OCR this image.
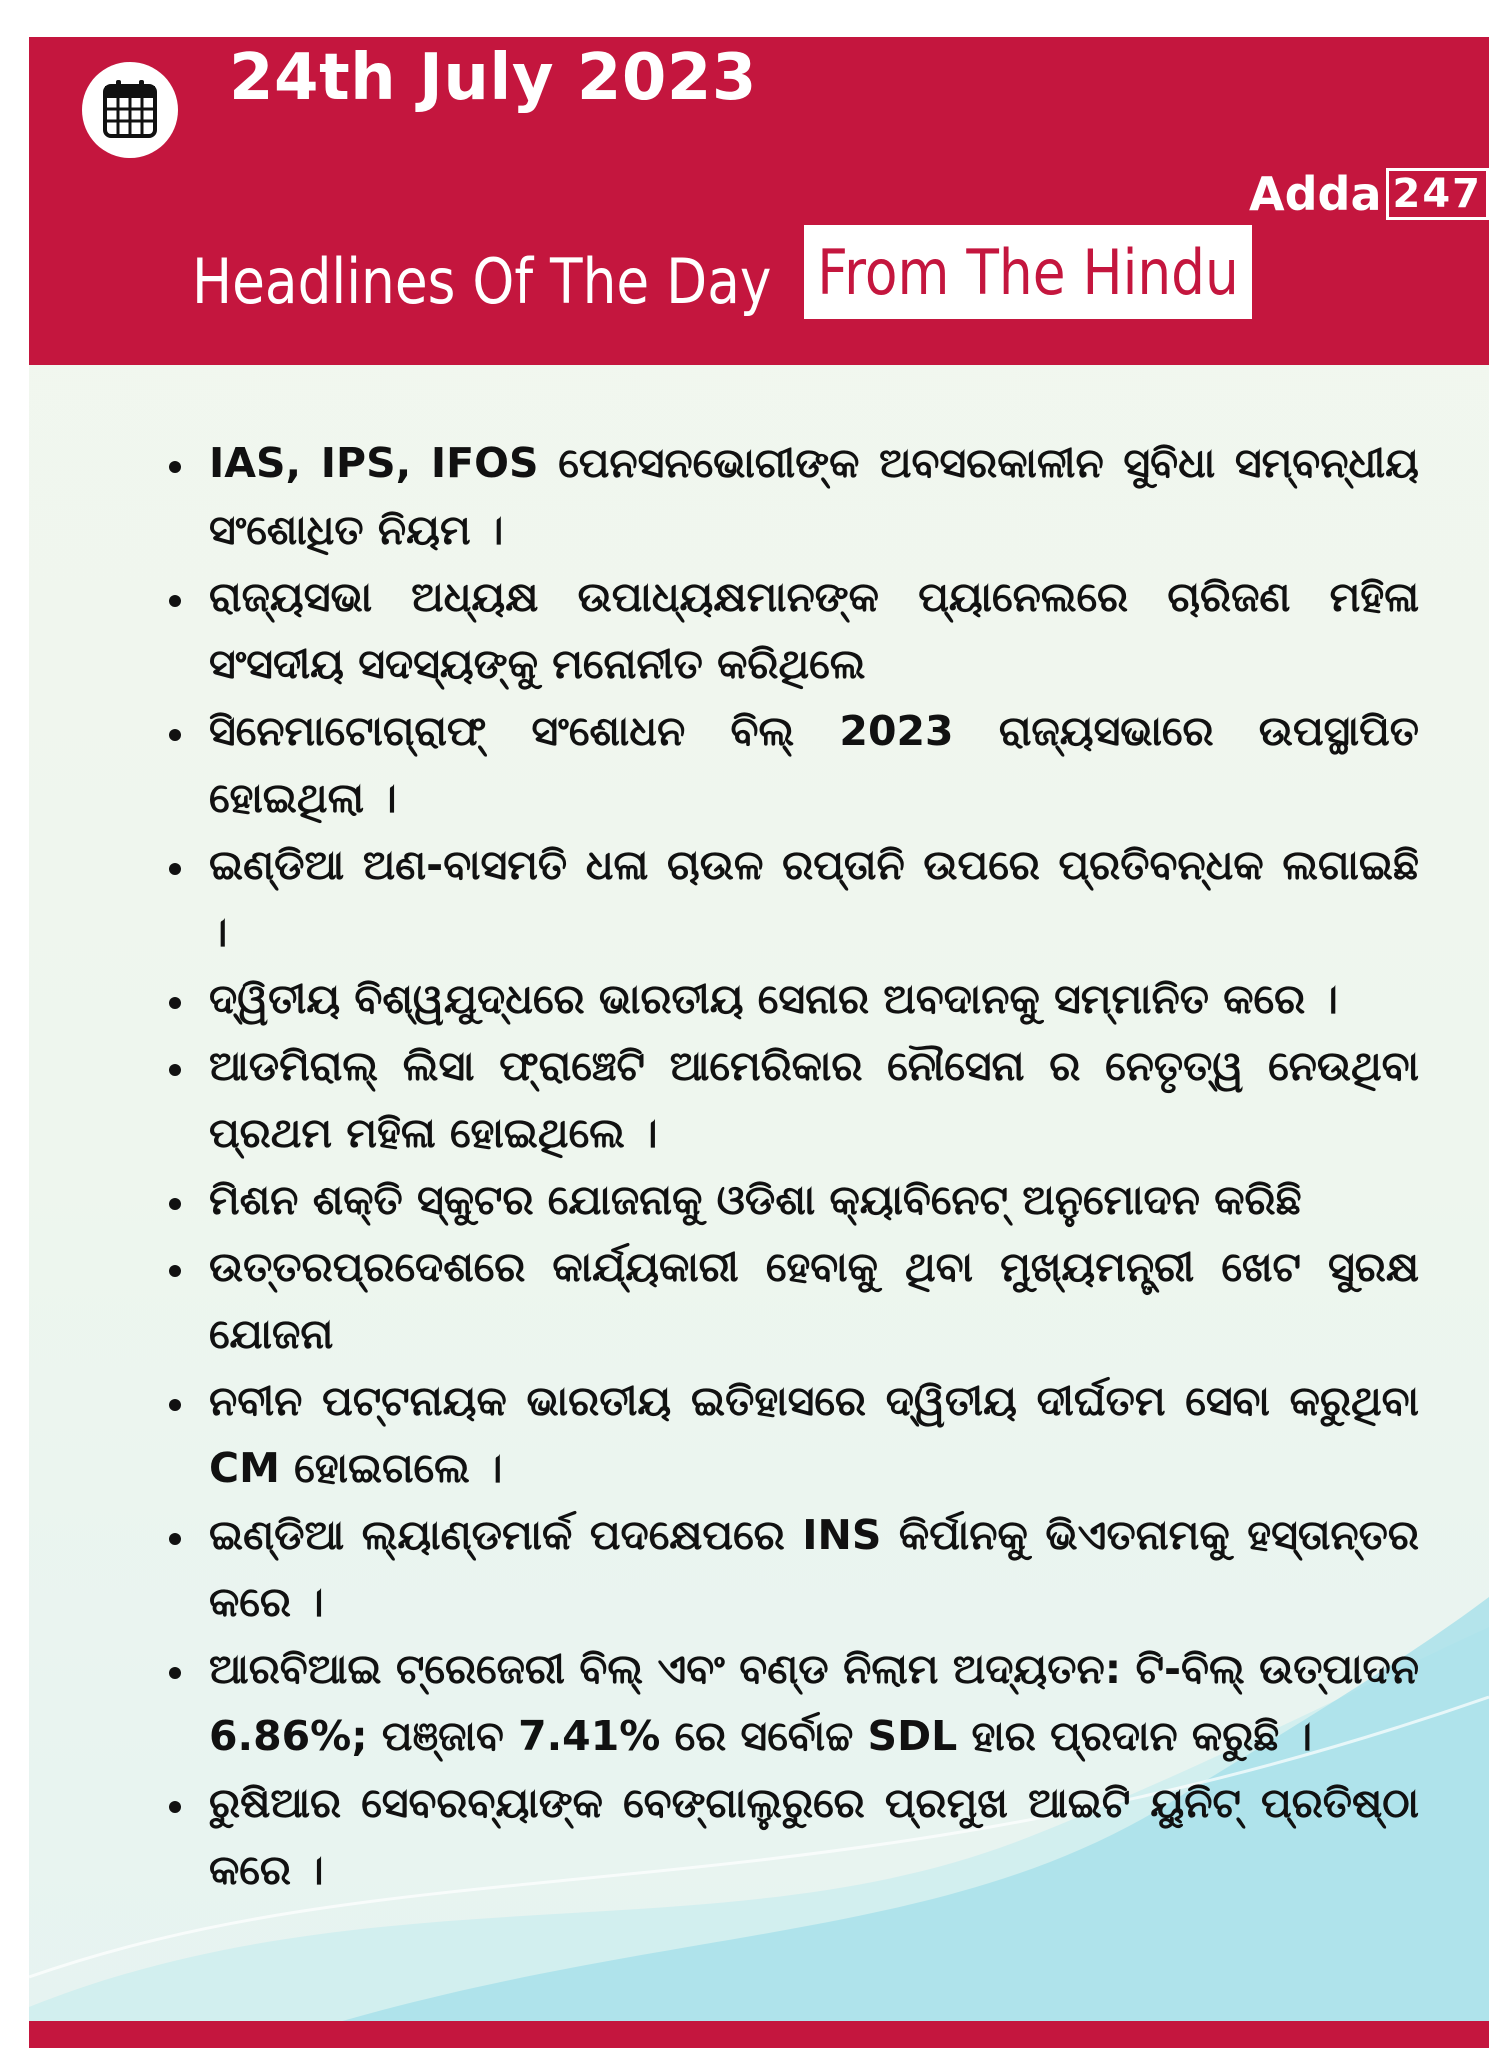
24th July 2023
Adda 247
Headlines Of The Day From The Hindu
IAS, IPS, IFOS ପେନସନଭୋଗୀଙ୍କ ଅବସରକାଳୀନ ସୁବିଧା ସମ୍ବନ୍ଧୀୟ ସଂଶୋଧିତ ନିୟମ ।
ରାଜ୍ୟସଭା ଅଧ୍ୟକ୍ଷ ଉପାଧ୍ୟକ୍ଷମାନଙ୍କ ପ୍ୟାନେଲରେ ଚାରିଜଣ ମହିଳା ସଂସଦୀୟ ସଦସ୍ୟଙ୍କୁ ମନୋନୀତ କରିଥିଲେ
ସିନେମାଟୋଗ୍ରାଫ୍ ସଂଶୋଧନ ବିଲ୍ 2023 ରାଜ୍ୟସଭାରେ ଉପସ୍ଥାପିତ ହୋଇଥିଲା ।
ଇଣ୍ଡିଆ ଅଣ-ବାସମତି ଧଳା ଚାଉଳ ରପ୍ତାନି ଉପରେ ପ୍ରତିବନ୍ଧକ ଲଗାଇଛି ।
ଦ୍ୱିତୀୟ ବିଶ୍ୱଯୁଦ୍ଧରେ ଭାରତୀୟ ସେନାର ଅବଦାନକୁ ସମ୍ମାନିତ କରେ ।
ଆଡମିରାଲ୍ ଲିସା ଫ୍ରାଞ୍ଚେଟି ଆମେରିକାର ନୌସେନା ର ନେତୃତ୍ୱ ନେଉଥିବା ପ୍ରଥମ ମହିଳା ହୋଇଥିଲେ ।
ମିଶନ ଶକ୍ତି ସ୍କୁଟର ଯୋଜନାକୁ ଓଡିଶା କ୍ୟାବିନେଟ୍ ଅନୁମୋଦନ କରିଛି
ଉତ୍ତରପ୍ରଦେଶରେ କାର୍ଯ୍ୟକାରୀ ହେବାକୁ ଥିବା ମୁଖ୍ୟମନ୍ତ୍ରୀ ଖେଟ ସୁରକ୍ଷ ଯୋଜନା
ନବୀନ ପଟ୍ଟନାୟକ ଭାରତୀୟ ଇତିହାସରେ ଦ୍ୱିତୀୟ ଦୀର୍ଘତମ ସେବା କରୁଥିବା CM ହୋଇଗଲେ ।
ଇଣ୍ଡିଆ ଲ୍ୟାଣ୍ଡମାର୍କ ପଦକ୍ଷେପରେ INS କିର୍ପାନକୁ ଭିଏତନାମକୁ ହସ୍ତାନ୍ତର କରେ ।
ଆରବିଆଇ ଟ୍ରେଜେରୀ ବିଲ୍ ଏବଂ ବଣ୍ଡ ନିଲାମ ଅଦ୍ୟତନ: ଟି-ବିଲ୍ ଉତ୍ପାଦନ 6.86%; ପଞ୍ଜାବ 7.41% ରେ ସର୍ବୋଚ୍ଚ SDL ହାର ପ୍ରଦାନ କରୁଛି ।
ରୁଷିଆର ସେବରବ୍ୟାଙ୍କ ବେଙ୍ଗାଲୁରୁରେ ପ୍ରମୁଖ ଆଇଟି ୟୁନିଟ୍ ପ୍ରତିଷ୍ଠା କରେ ।
